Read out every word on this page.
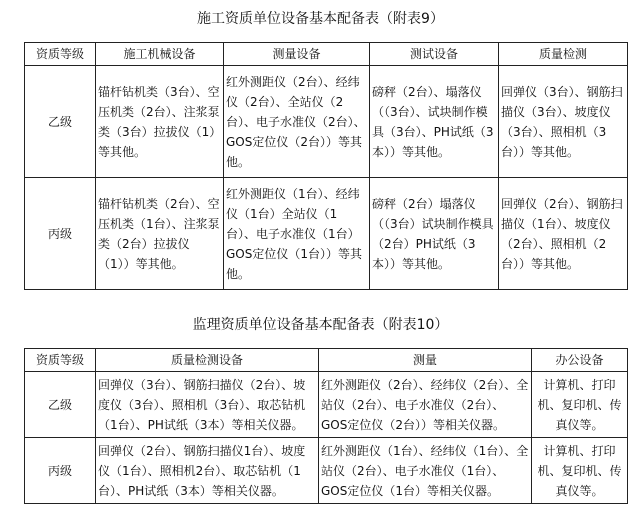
施工资质单位设备基本配备表（附表9）
资质等级	施工机械设备	测量设备	测试设备	质量检测
乙级	锚杆钻机类（3台）、空压机类（2台）、注浆泵类（3台）拉拔仪（1）等其他。	红外测距仪（2台）、经纬仪（2台）、全站仪（2台）、电子水准仪（2台）、GOS定位仪（2台））等其他。	磅秤（2台）、塌落仪（（3台）、试块制作模具（3台）、PH试纸（3本））等其他。	回弹仪（3台）、钢筋扫描仪（3台）、坡度仪（3台）、照相机（3台））等其他。
丙级	锚杆钻机类（2台）、空压机类（1台）、注浆泵类（2台）拉拔仪（1））等其他。	红外测距仪（1台）、经纬仪（1台）全站仪（1台）、电子水准仪（1台）GOS定位仪（1台））等其他。	磅秤（2台）塌落仪（（3台）试块制作模具（2台）PH试纸（3本））等其他。	回弹仪（2台）、钢筋扫描仪（1台）、坡度仪（2台）、照相机（2台））等其他。
监理资质单位设备基本配备表（附表10）
资质等级	质量检测设备	测量	办公设备
乙级	回弹仪（3台）、钢筋扫描仪（2台）、坡度仪（3台）、照相机（3台）、取芯钻机（1台）、PH试纸（3本）等相关仪器。	红外测距仪（2台）、经纬仪（2台）、全站仪（2台）、电子水准仪（2台）、GOS定位仪（2台））等相关仪器。	计算机、打印机、复印机、传真仪等。
丙级	回弹仪（2台）、钢筋扫描仪1台）、坡度仪（1台）、照相机2台）、取芯钻机（1台）、PH试纸（3本）等相关仪器。	红外测距仪（1台）、经纬仪（1台）、全站仪（2台）、电子水准仪（1台）、GOS定位仪（1台）等相关仪器。	计算机、打印机、复印机、传真仪等。
